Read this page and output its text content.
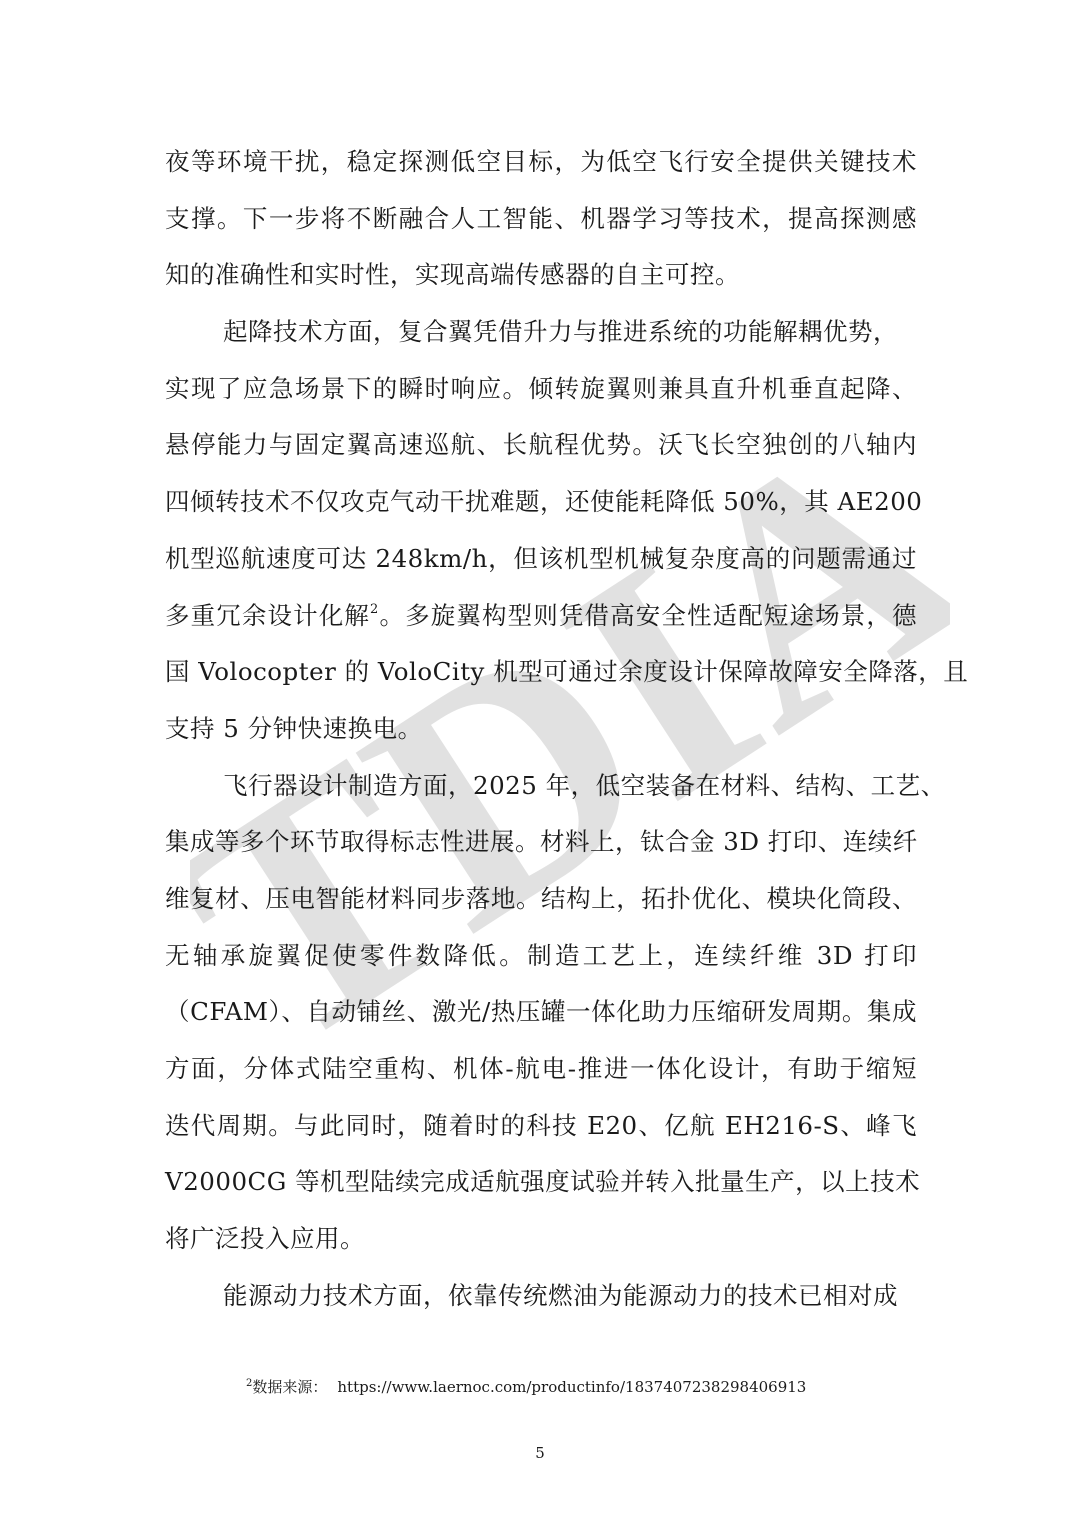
TDIA
夜等环境干扰，稳定探测低空目标，为低空飞行安全提供关键技术
支撑。下一步将不断融合人工智能、机器学习等技术，提高探测感
知的准确性和实时性，实现高端传感器的自主可控。
起降技术方面，复合翼凭借升力与推进系统的功能解耦优势，
实现了应急场景下的瞬时响应。倾转旋翼则兼具直升机垂直起降、
悬停能力与固定翼高速巡航、长航程优势。沃飞长空独创的八轴内
四倾转技术不仅攻克气动干扰难题，还使能耗降低 50%，其 AE200
机型巡航速度可达 248km/h，但该机型机械复杂度高的问题需通过
多重冗余设计化解$^2$。多旋翼构型则凭借高安全性适配短途场景，德
国 Volocopter 的 VoloCity 机型可通过余度设计保障故障安全降落，且
支持 5 分钟快速换电。
飞行器设计制造方面，2025 年，低空装备在材料、结构、工艺、
集成等多个环节取得标志性进展。材料上，钛合金 3D 打印、连续纤
维复材、压电智能材料同步落地。结构上，拓扑优化、模块化筒段、
无轴承旋翼促使零件数降低。制造工艺上，连续纤维 3D 打印
（CFAM）、自动铺丝、激光/热压罐一体化助力压缩研发周期。集成
方面，分体式陆空重构、机体-航电-推进一体化设计，有助于缩短
迭代周期。与此同时，随着时的科技 E20、亿航 EH216-S、峰飞
V2000CG 等机型陆续完成适航强度试验并转入批量生产，以上技术
将广泛投入应用。
能源动力技术方面，依靠传统燃油为能源动力的技术已相对成
$^2$数据来源： https://www.laernoc.com/productinfo/1837407238298406913
5
